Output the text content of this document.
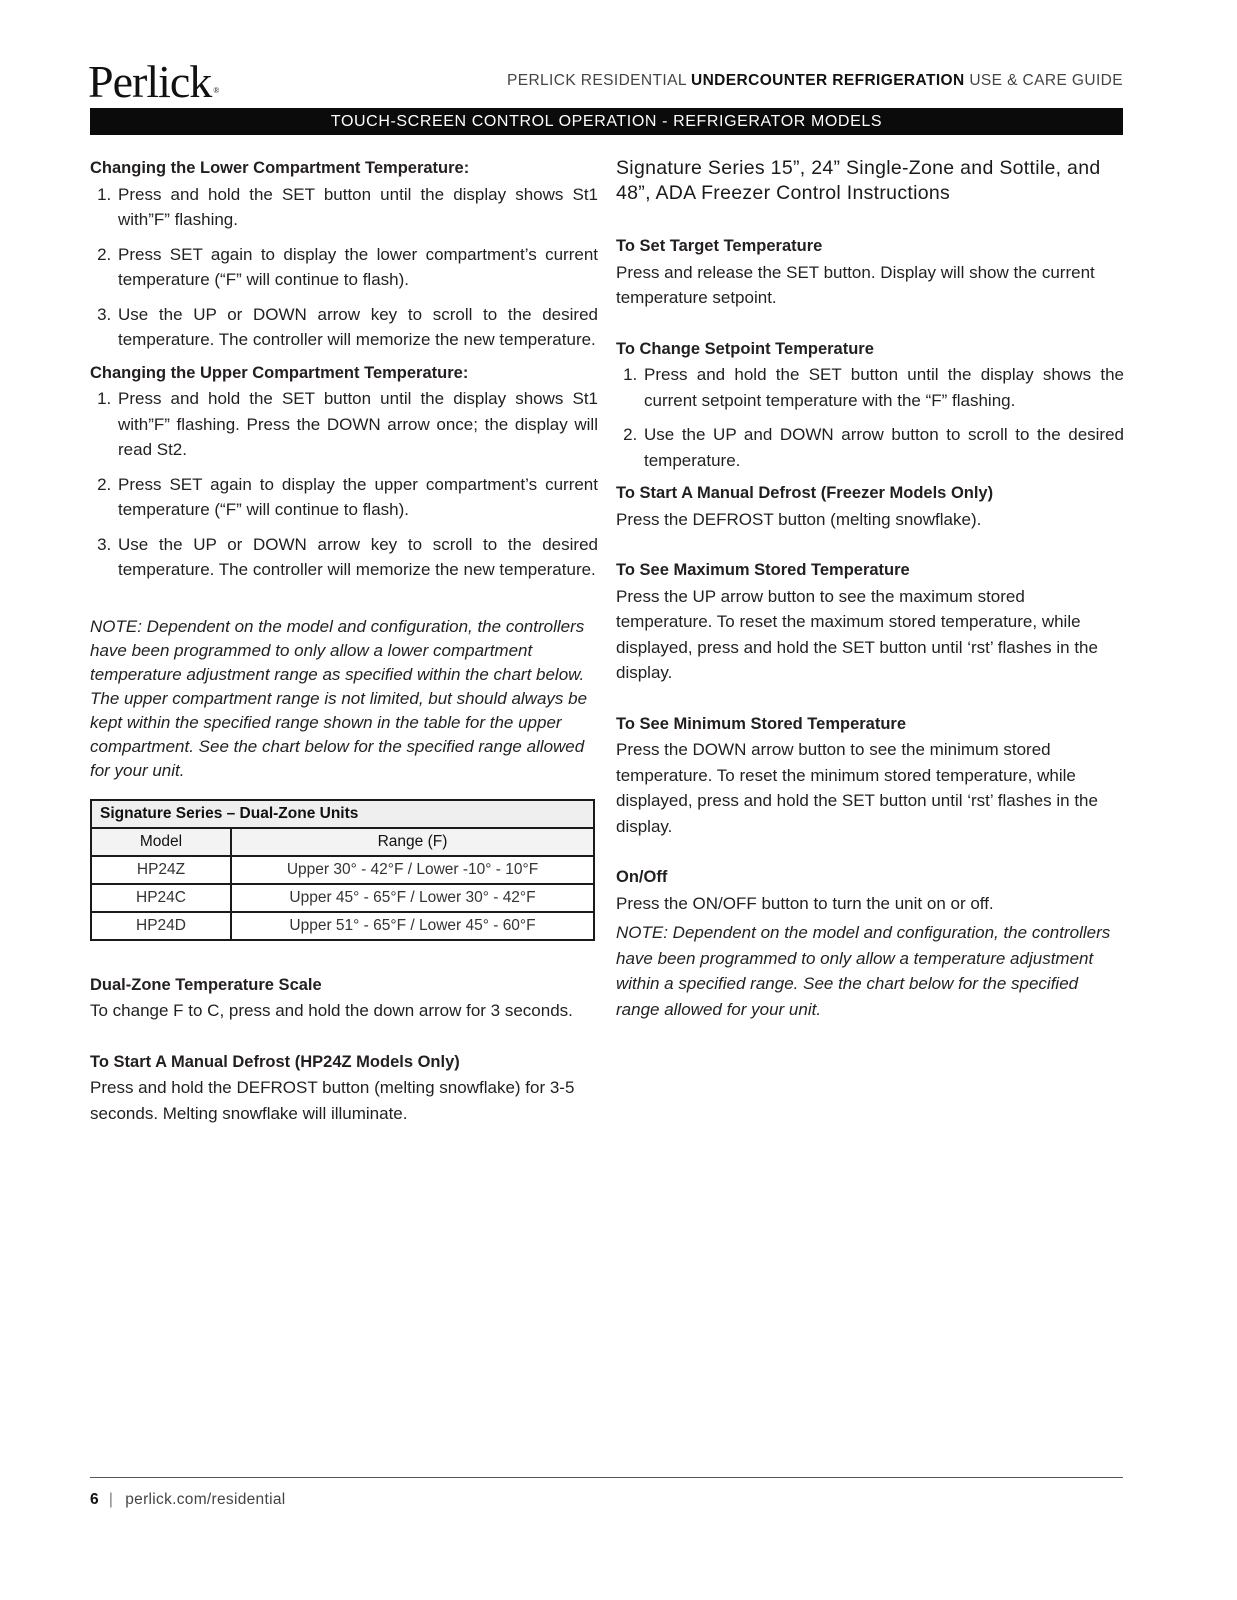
Perlick ®
PERLICK RESIDENTIAL UNDERCOUNTER REFRIGERATION USE & CARE GUIDE
TOUCH-SCREEN CONTROL OPERATION - REFRIGERATOR MODELS

Changing the Lower Compartment Temperature:

1. Press and hold the SET button until the display shows St1 with”F” flashing.
2. Press SET again to display the lower compartment’s current temperature (“F” will continue to flash).
3. Use the UP or DOWN arrow key to scroll to the desired temperature. The controller will memorize the new temperature.

Changing the Upper Compartment Temperature:

1. Press and hold the SET button until the display shows St1 with”F” flashing. Press the DOWN arrow once; the display will read St2.
2. Press SET again to display the upper compartment’s current temperature (“F” will continue to flash).
3. Use the UP or DOWN arrow key to scroll to the desired temperature. The controller will memorize the new temperature.

NOTE: Dependent on the model and configuration, the controllers have been programmed to only allow a lower compartment temperature adjustment range as specified within the chart below. The upper compartment range is not limited, but should always be kept within the specified range shown in the table for the upper compartment. See the chart below for the specified range allowed for your unit.

Signature Series – Dual-Zone Units	
Model	Range (F)
HP24Z	Upper 30° - 42°F / Lower -10° - 10°F
HP24C	Upper 45° - 65°F / Lower 30° - 42°F
HP24D	Upper 51° - 65°F / Lower 45° - 60°F

Dual-Zone Temperature Scale

To change F to C, press and hold the down arrow for 3 seconds.

To Start A Manual Defrost (HP24Z Models Only)

Press and hold the DEFROST button (melting snowflake) for 3-5 seconds. Melting snowflake will illuminate.

Signature Series 15”, 24” Single-Zone and Sottile, and 48”, ADA Freezer Control Instructions

To Set Target Temperature

Press and release the SET button. Display will show the current temperature setpoint.

To Change Setpoint Temperature

1. Press and hold the SET button until the display shows the current setpoint temperature with the “F” flashing.
2. Use the UP and DOWN arrow button to scroll to the desired temperature.

To Start A Manual Defrost (Freezer Models Only)

Press the DEFROST button (melting snowflake).

To See Maximum Stored Temperature

Press the UP arrow button to see the maximum stored temperature. To reset the maximum stored temperature, while displayed, press and hold the SET button until ‘rst’ flashes in the display.

To See Minimum Stored Temperature

Press the DOWN arrow button to see the minimum stored temperature. To reset the minimum stored temperature, while displayed, press and hold the SET button until ‘rst’ flashes in the display.

On/Off

Press the ON/OFF button to turn the unit on or off.

NOTE: Dependent on the model and configuration, the controllers have been programmed to only allow a temperature adjustment within a specified range. See the chart below for the specified range allowed for your unit.

6 | perlick.com/residential
